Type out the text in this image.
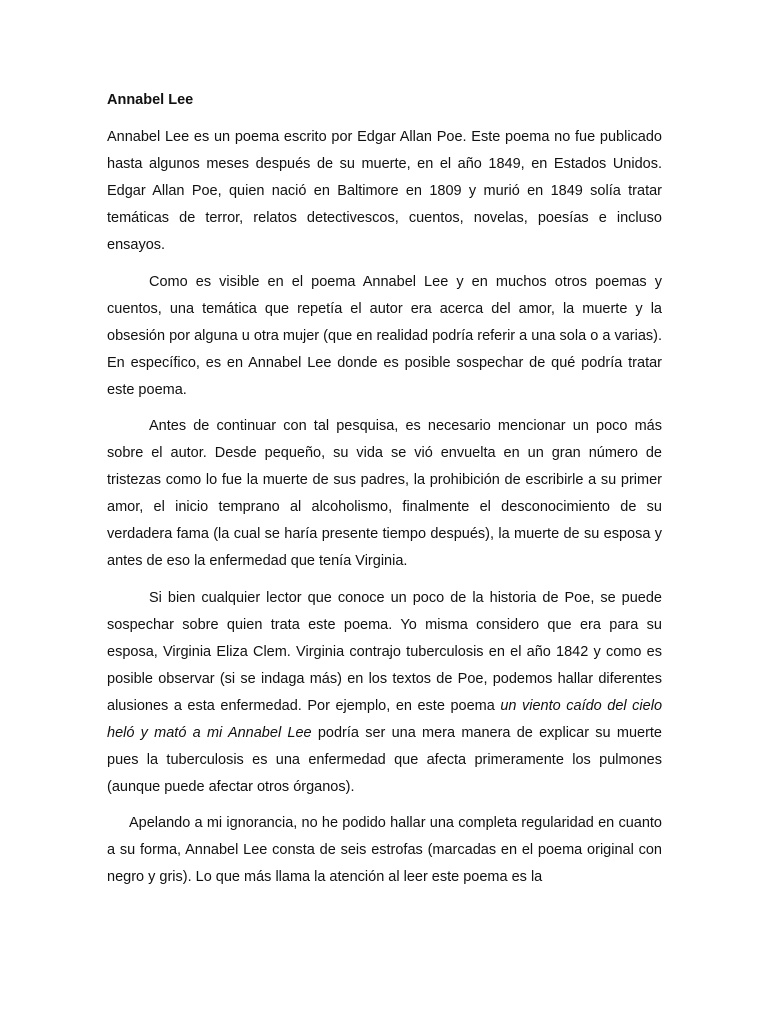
Annabel Lee

Annabel Lee es un poema escrito por Edgar Allan Poe. Este poema no fue publicado hasta algunos meses después de su muerte, en el año 1849, en Estados Unidos. Edgar Allan Poe, quien nació en Baltimore en 1809 y murió en 1849 solía tratar temáticas de terror, relatos detectivescos, cuentos, novelas, poesías e incluso ensayos.

Como es visible en el poema Annabel Lee y en muchos otros poemas y cuentos, una temática que repetía el autor era acerca del amor, la muerte y la obsesión por alguna u otra mujer (que en realidad podría referir a una sola o a varias). En específico, es en Annabel Lee donde es posible sospechar de qué podría tratar este poema.

Antes de continuar con tal pesquisa, es necesario mencionar un poco más sobre el autor. Desde pequeño, su vida se vió envuelta en un gran número de tristezas como lo fue la muerte de sus padres, la prohibición de escribirle a su primer amor, el inicio temprano al alcoholismo, finalmente el desconocimiento de su verdadera fama (la cual se haría presente tiempo después), la muerte de su esposa y antes de eso la enfermedad que tenía Virginia.

Si bien cualquier lector que conoce un poco de la historia de Poe, se puede sospechar sobre quien trata este poema. Yo misma considero que era para su esposa, Virginia Eliza Clem. Virginia contrajo tuberculosis en el año 1842 y como es posible observar (si se indaga más) en los textos de Poe, podemos hallar diferentes alusiones a esta enfermedad. Por ejemplo, en este poema un viento caído del cielo heló y mató a mi Annabel Lee podría ser una mera manera de explicar su muerte pues la tuberculosis es una enfermedad que afecta primeramente los pulmones (aunque puede afectar otros órganos).

Apelando a mi ignorancia, no he podido hallar una completa regularidad en cuanto a su forma, Annabel Lee consta de seis estrofas (marcadas en el poema original con negro y gris). Lo que más llama la atención al leer este poema es la
